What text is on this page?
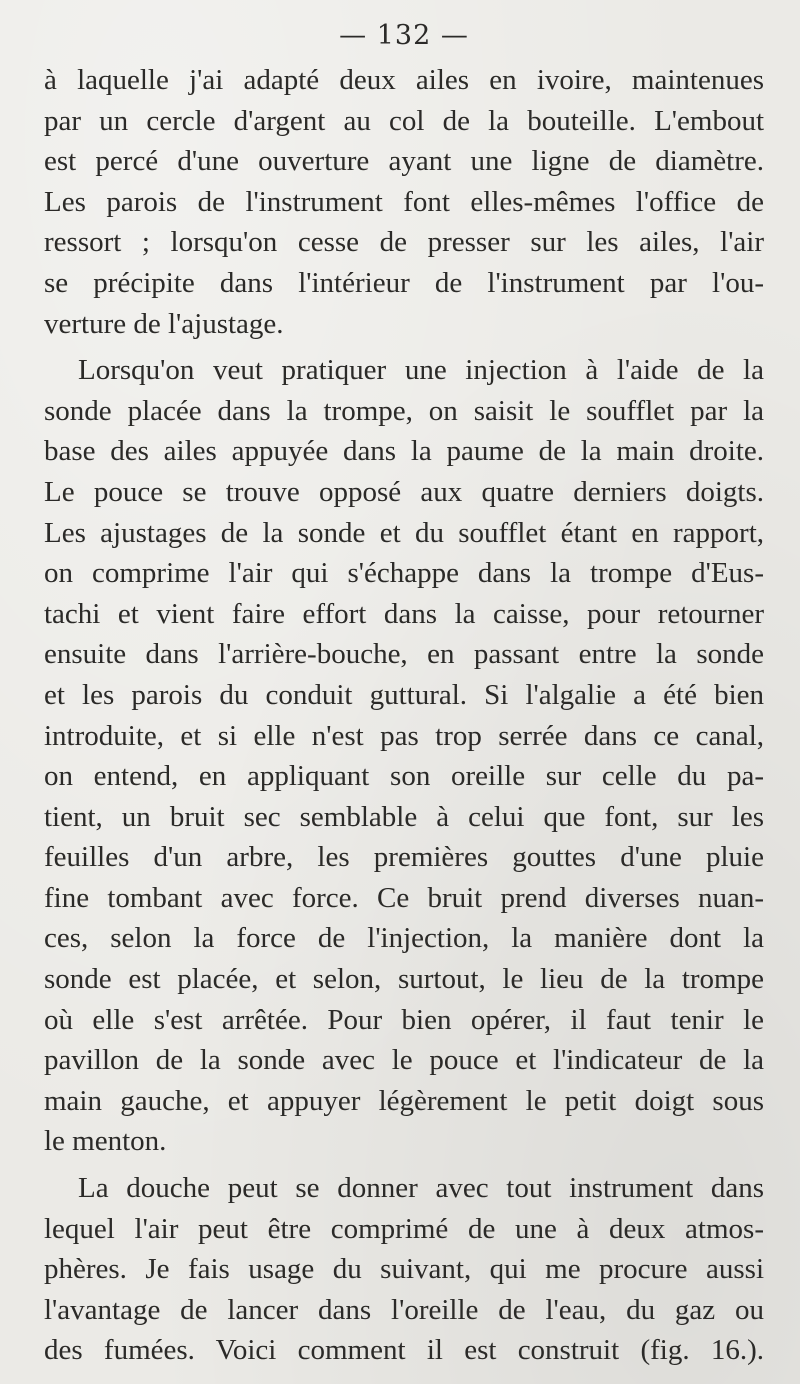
— 132 —
à laquelle j'ai adapté deux ailes en ivoire, maintenues
par un cercle d'argent au col de la bouteille. L'embout
est percé d'une ouverture ayant une ligne de diamètre.
Les parois de l'instrument font elles-mêmes l'office de
ressort ; lorsqu'on cesse de presser sur les ailes, l'air
se précipite dans l'intérieur de l'instrument par l'ou-
verture de l'ajustage.
Lorsqu'on veut pratiquer une injection à l'aide de la
sonde placée dans la trompe, on saisit le soufflet par la
base des ailes appuyée dans la paume de la main droite.
Le pouce se trouve opposé aux quatre derniers doigts.
Les ajustages de la sonde et du soufflet étant en rapport,
on comprime l'air qui s'échappe dans la trompe d'Eus-
tachi et vient faire effort dans la caisse, pour retourner
ensuite dans l'arrière-bouche, en passant entre la sonde
et les parois du conduit guttural. Si l'algalie a été bien
introduite, et si elle n'est pas trop serrée dans ce canal,
on entend, en appliquant son oreille sur celle du pa-
tient, un bruit sec semblable à celui que font, sur les
feuilles d'un arbre, les premières gouttes d'une pluie
fine tombant avec force. Ce bruit prend diverses nuan-
ces, selon la force de l'injection, la manière dont la
sonde est placée, et selon, surtout, le lieu de la trompe
où elle s'est arrêtée. Pour bien opérer, il faut tenir le
pavillon de la sonde avec le pouce et l'indicateur de la
main gauche, et appuyer légèrement le petit doigt sous
le menton.
La douche peut se donner avec tout instrument dans
lequel l'air peut être comprimé de une à deux atmos-
phères. Je fais usage du suivant, qui me procure aussi
l'avantage de lancer dans l'oreille de l'eau, du gaz ou
des fumées. Voici comment il est construit (fig. 16.).
